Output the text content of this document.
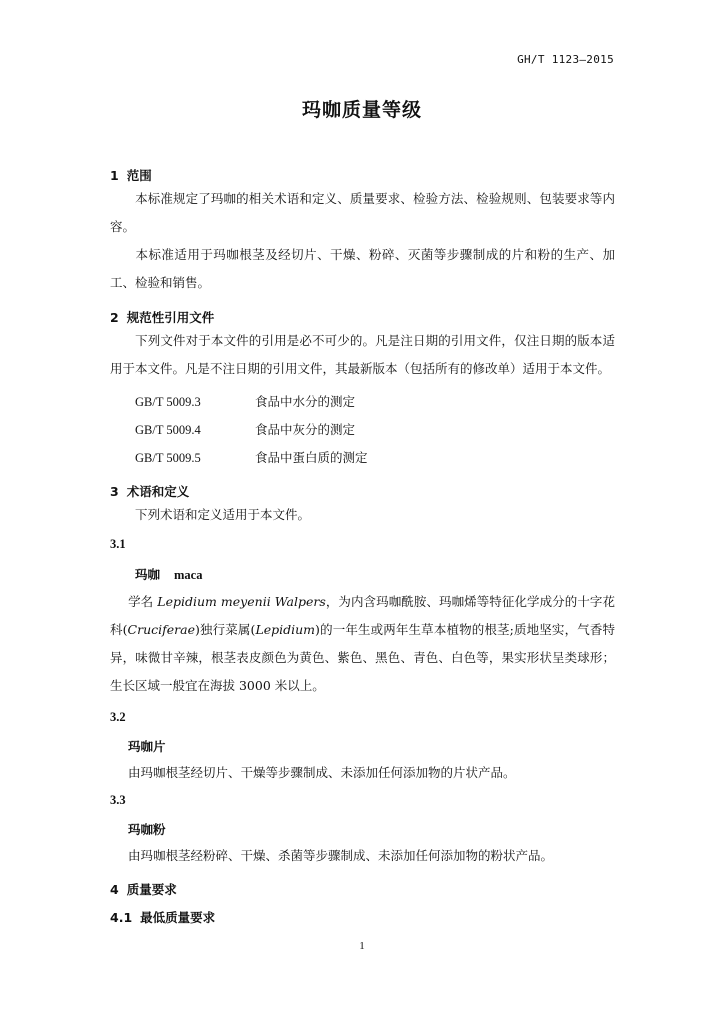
GH/T 1123—2015
玛咖质量等级
1 范围
本标准规定了玛咖的相关术语和定义、质量要求、检验方法、检验规则、包装要求等内容。
本标准适用于玛咖根茎及经切片、干燥、粉碎、灭菌等步骤制成的片和粉的生产、加工、检验和销售。
2 规范性引用文件
下列文件对于本文件的引用是必不可少的。凡是注日期的引用文件，仅注日期的版本适用于本文件。凡是不注日期的引用文件，其最新版本（包括所有的修改单）适用于本文件。
GB/T 5009.3	食品中水分的测定
GB/T 5009.4	食品中灰分的测定
GB/T 5009.5	食品中蛋白质的测定
3 术语和定义
下列术语和定义适用于本文件。
3.1
玛咖 maca
学名 Lepidium meyenii Walpers，为内含玛咖酰胺、玛咖烯等特征化学成分的十字花科(Cruciferae)独行菜属(Lepidium)的一年生或两年生草本植物的根茎;质地坚实，气香特异，味微甘辛辣，根茎表皮颜色为黄色、紫色、黑色、青色、白色等，果实形状呈类球形；生长区域一般宜在海拔 3000 米以上。
3.2
玛咖片
由玛咖根茎经切片、干燥等步骤制成、未添加任何添加物的片状产品。
3.3
玛咖粉
由玛咖根茎经粉碎、干燥、杀菌等步骤制成、未添加任何添加物的粉状产品。
4 质量要求
4.1 最低质量要求
1
